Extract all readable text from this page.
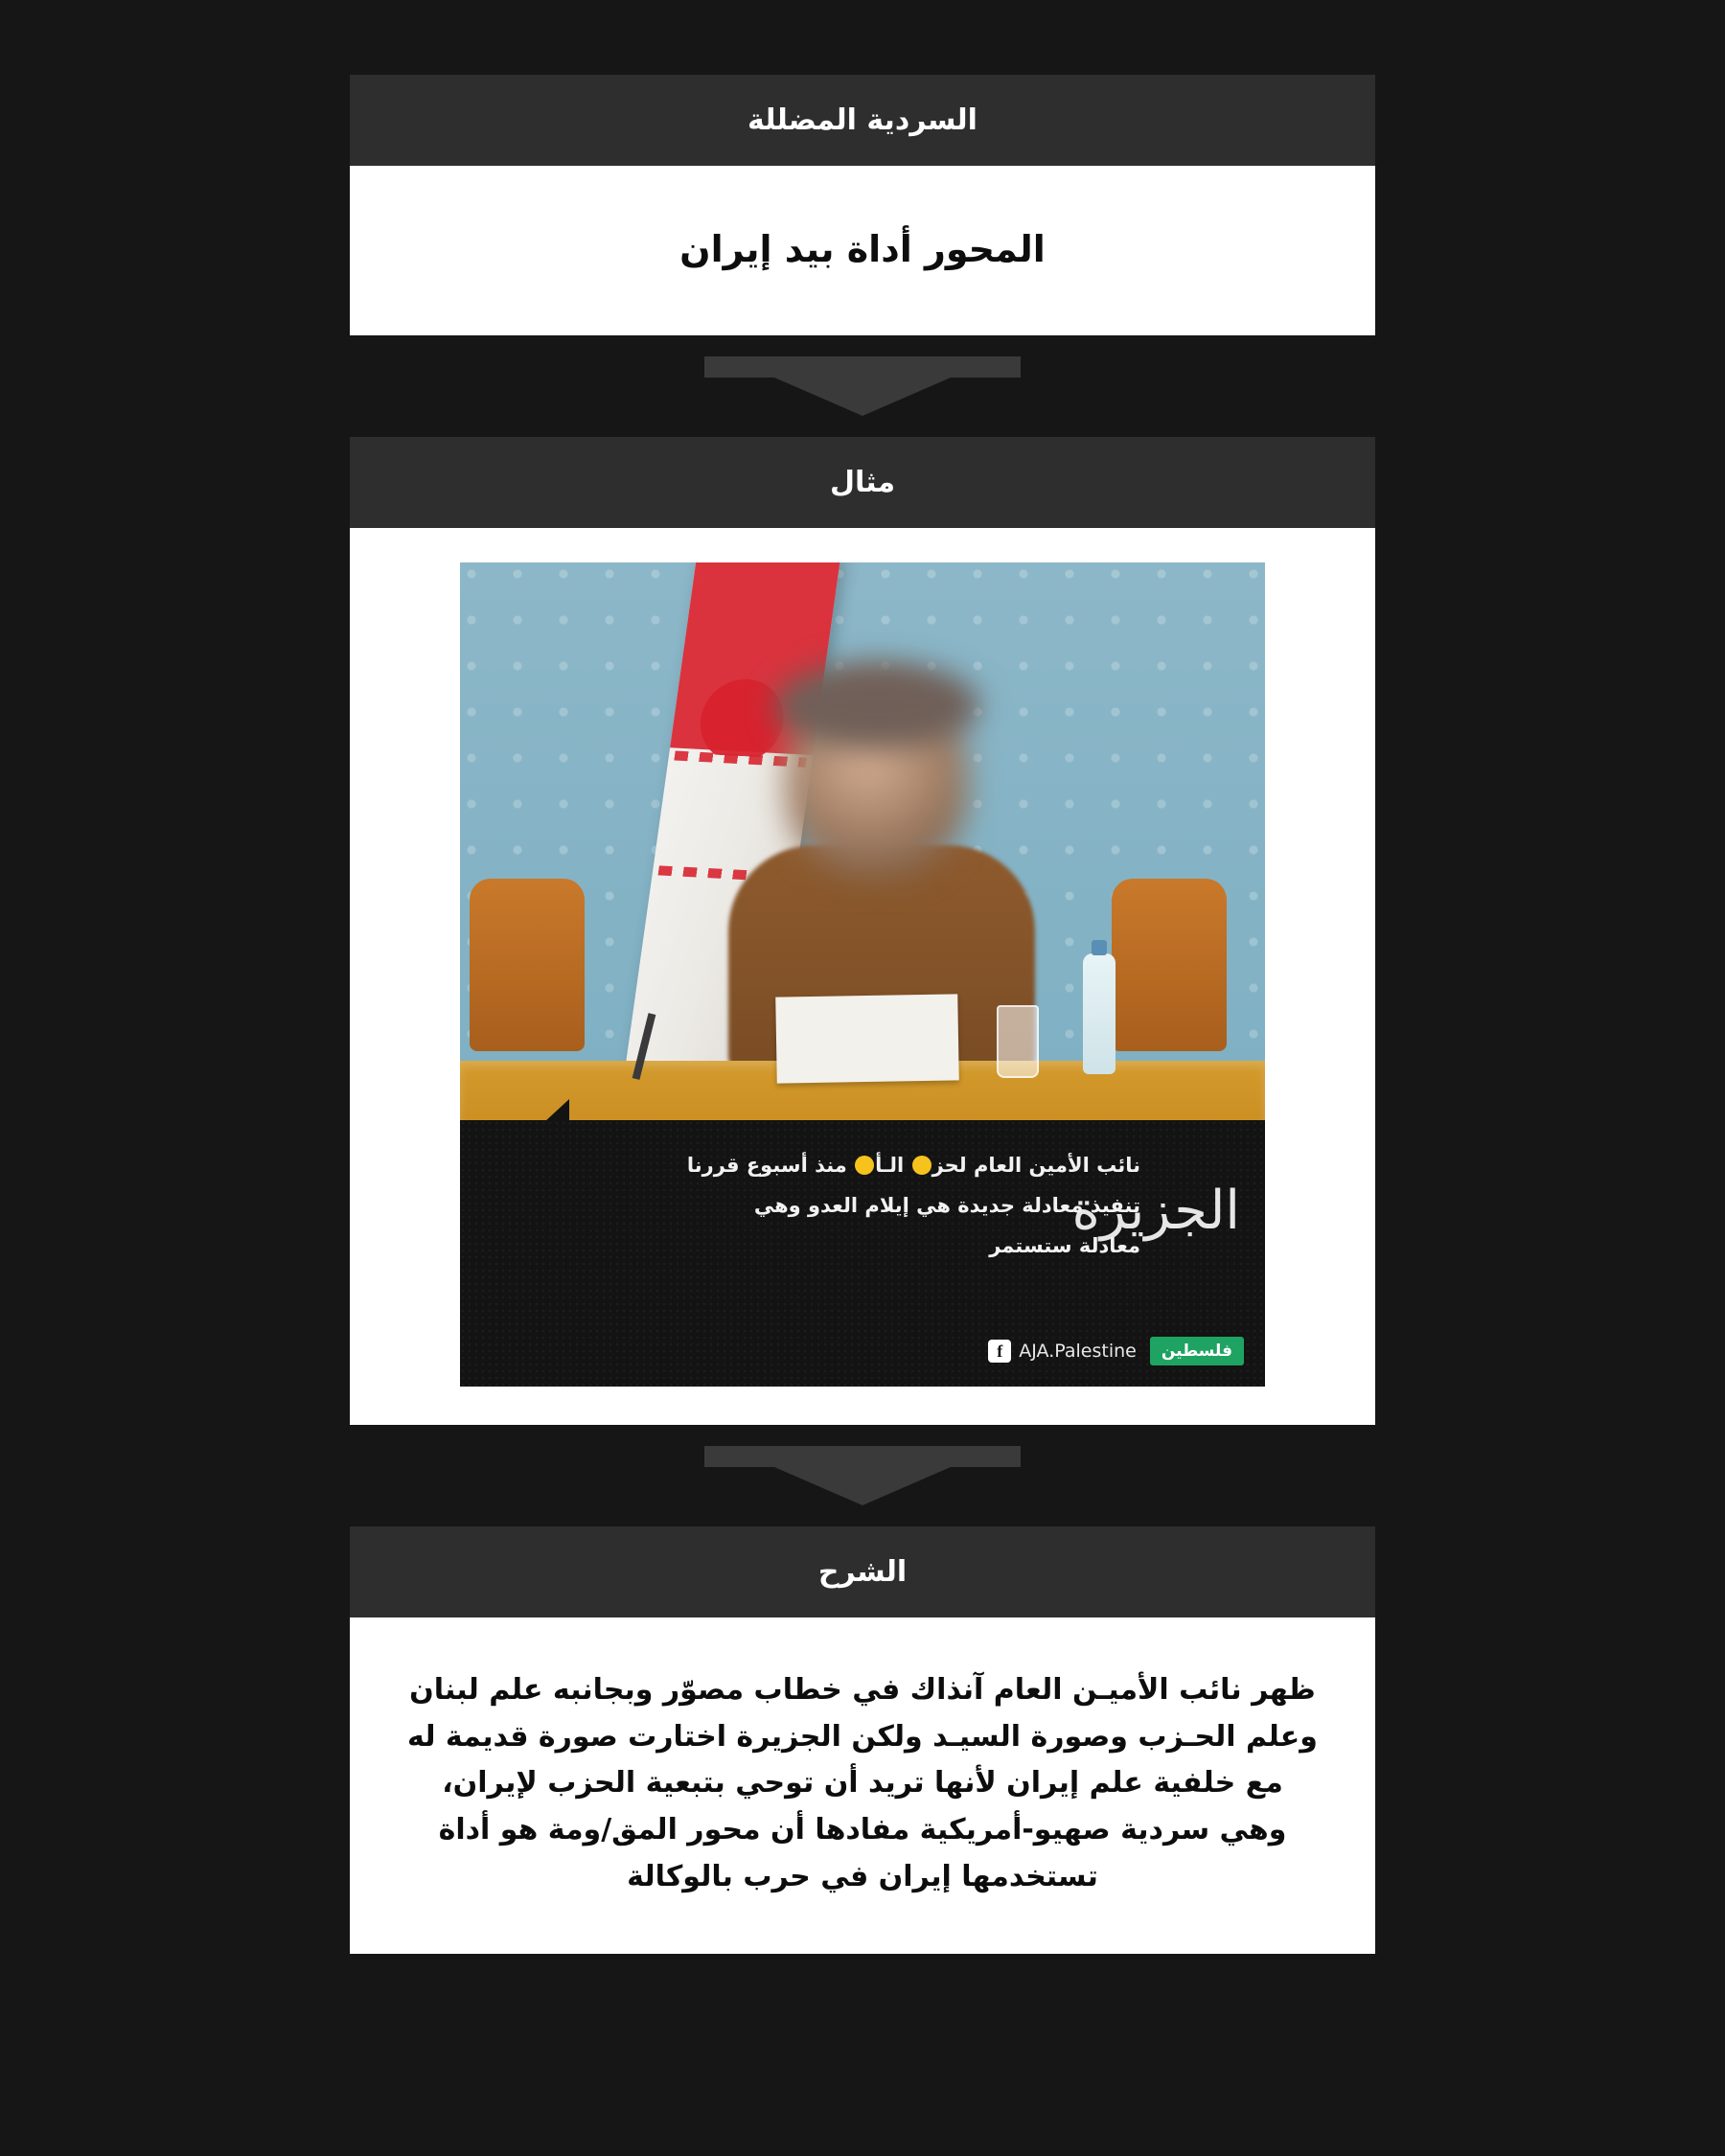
السردية المضللة
المحور أداة بيد إيران
مثال
نائب الأمين العام لحز الـأ منذ أسبوع قررنا
تنفيذ معادلة جديدة هي إيلام العدو وهي
معادلة ستستمر
الجزيرة
فلسطين
f AJA.Palestine
الشرح
ظهر نائب الأميـن العام آنذاك في خطاب مصوّر وبجانبه علم لبنان وعلم الحـزب وصورة السيـد ولكن الجزيرة اختارت صورة قديمة له مع خلفية علم إيران لأنها تريد أن توحي بتبعية الحزب لإيران، وهي سردية صهيو-أمريكية مفادها أن محور المق/ومة هو أداة تستخدمها إيران في حرب بالوكالة
